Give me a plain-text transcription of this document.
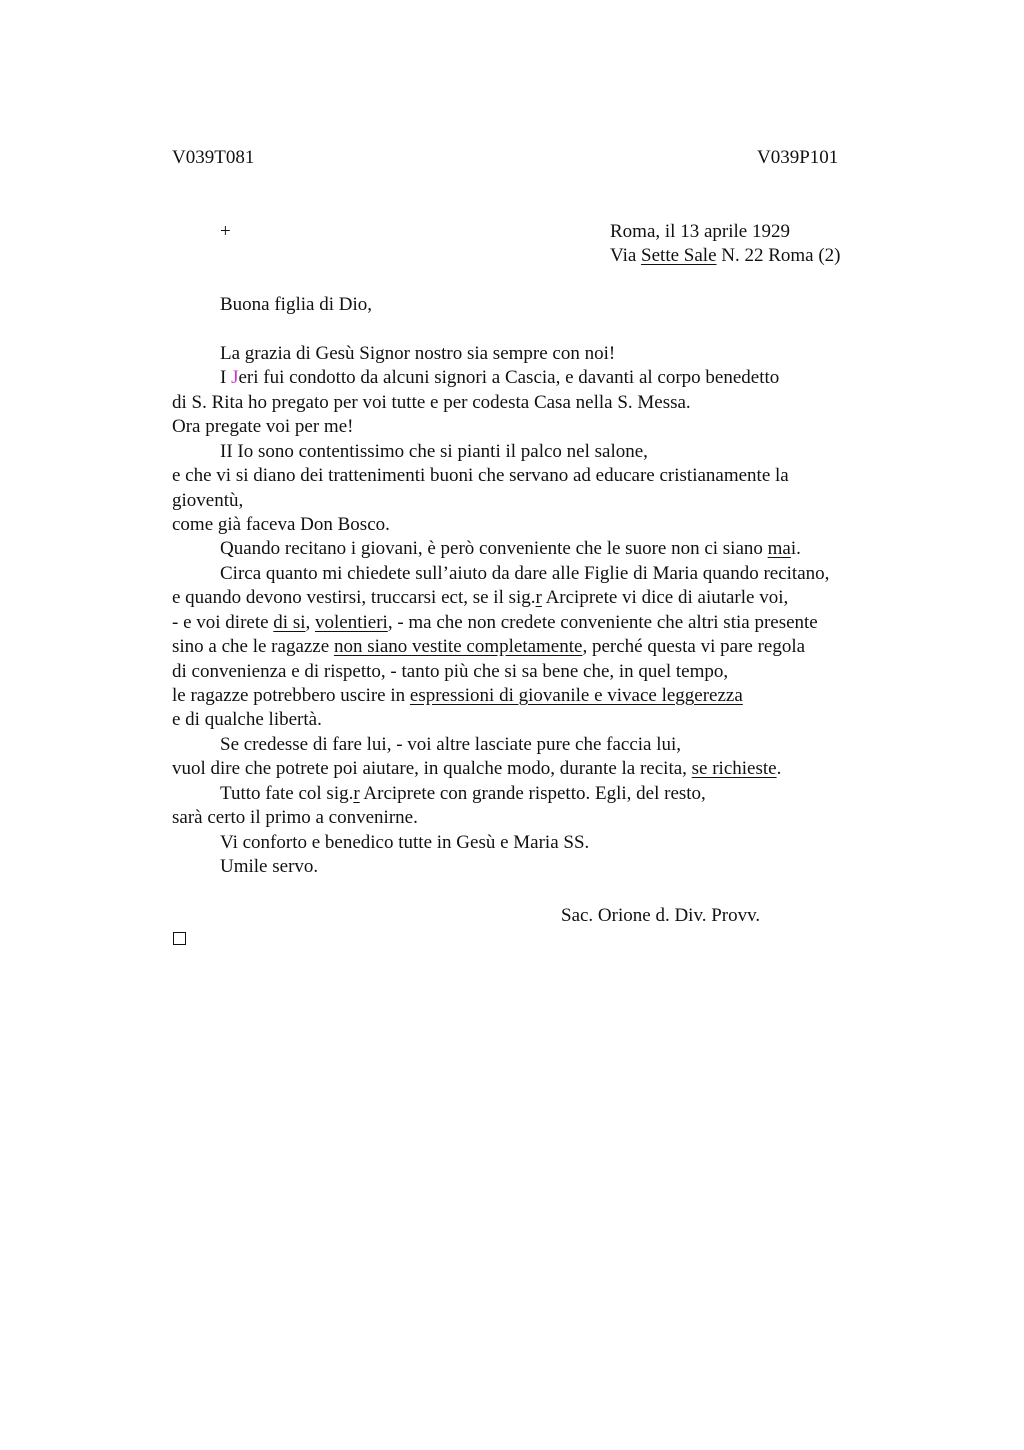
V039T081	V039P101
+	Roma, il 13 aprile 1929
Via Sette Sale N. 22 Roma (2)
Buona figlia di Dio,
La grazia di Gesù Signor nostro sia sempre con noi!
I Jeri fui condotto da alcuni signori a Cascia, e davanti al corpo benedetto
di S. Rita ho pregato per voi tutte e per codesta Casa nella S. Messa.
Ora pregate voi per me!
II Io sono contentissimo che si pianti il palco nel salone,
e che vi si diano dei trattenimenti buoni che servano ad educare cristianamente la
gioventù,
come già faceva Don Bosco.
Quando recitano i giovani, è però conveniente che le suore non ci siano mai.
Circa quanto mi chiedete sull’aiuto da dare alle Figlie di Maria quando recitano,
e quando devono vestirsi, truccarsi ect, se il sig.r Arciprete vi dice di aiutarle voi,
- e voi direte di si, volentieri, - ma che non credete conveniente che altri stia presente
sino a che le ragazze non siano vestite completamente, perché questa vi pare regola
di convenienza e di rispetto, - tanto più che si sa bene che, in quel tempo,
le ragazze potrebbero uscire in espressioni di giovanile e vivace leggerezza
e di qualche libertà.
Se credesse di fare lui, - voi altre lasciate pure che faccia lui,
vuol dire che potrete poi aiutare, in qualche modo, durante la recita, se richieste.
Tutto fate col sig.r Arciprete con grande rispetto. Egli, del resto,
sarà certo il primo a convenirne.
Vi conforto e benedico tutte in Gesù e Maria SS.
Umile servo.
Sac. Orione d. Div. Provv.
